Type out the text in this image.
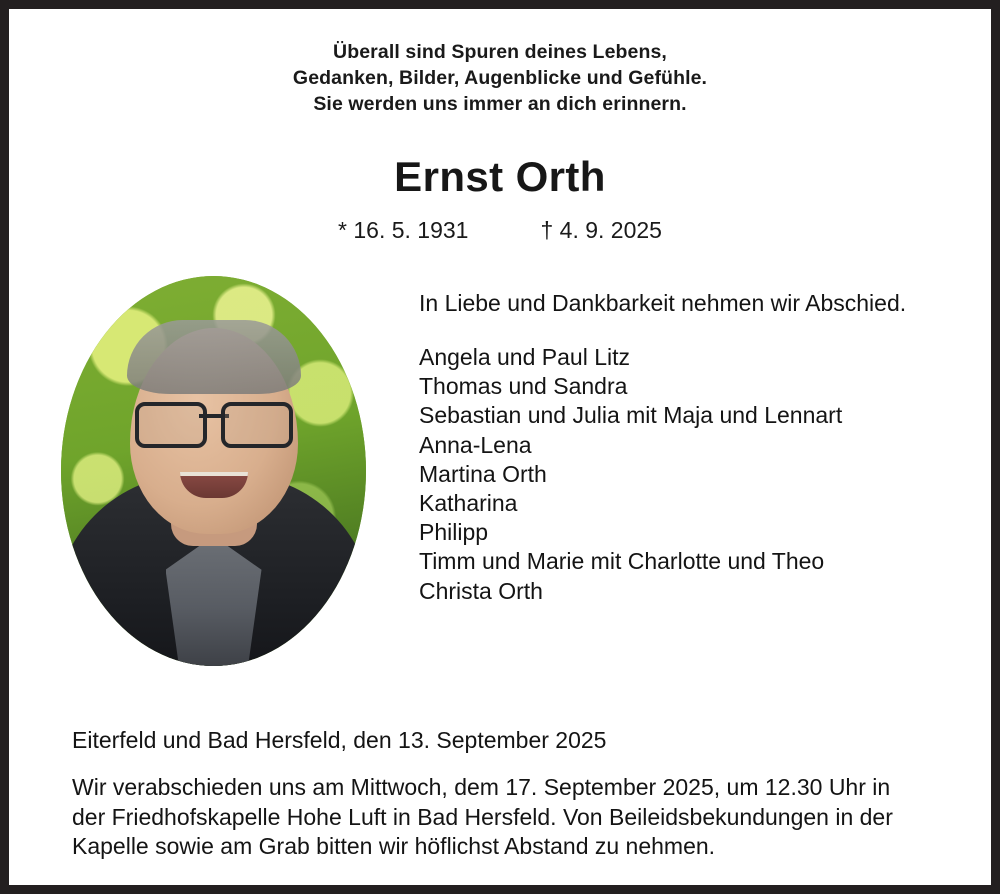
Überall sind Spuren deines Lebens,
Gedanken, Bilder, Augenblicke und Gefühle.
Sie werden uns immer an dich erinnern.
Ernst Orth
* 16. 5. 1931	† 4. 9. 2025
In Liebe und Dankbarkeit nehmen wir Abschied.
Angela und Paul Litz
Thomas und Sandra
Sebastian und Julia mit Maja und Lennart
Anna-Lena
Martina Orth
Katharina
Philipp
Timm und Marie mit Charlotte und Theo
Christa Orth
Eiterfeld und Bad Hersfeld, den 13. September 2025
Wir verabschieden uns am Mittwoch, dem 17. September 2025, um 12.30 Uhr in
der Friedhofskapelle Hohe Luft in Bad Hersfeld. Von Beileidsbekundungen in der
Kapelle sowie am Grab bitten wir höflichst Abstand zu nehmen.
